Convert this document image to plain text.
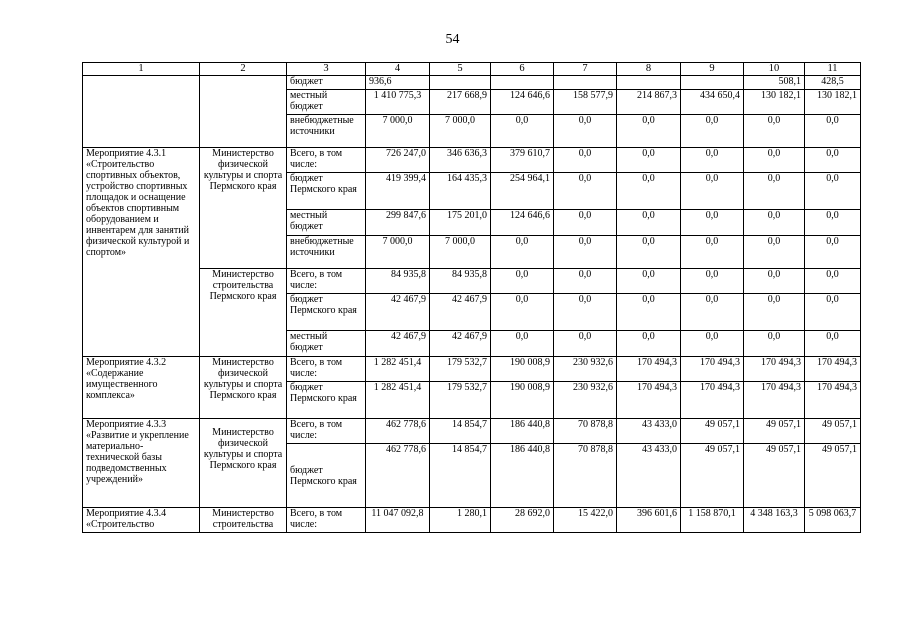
54
1	2	3	4	5	6	7	8	9	10	11
		бюджет	936,6						508,1	428,5
		местный бюджет	1 410 775,3	217 668,9	124 646,6	158 577,9	214 867,3	434 650,4	130 182,1	130 182,1
		внебюджетные источники	7 000,0	7 000,0	0,0	0,0	0,0	0,0	0,0	0,0
Мероприятие 4.3.1 «Строительство спортивных объектов, устройство спортивных площадок и оснащение объектов спортивным оборудованием и инвентарем для занятий физической культурой и спортом»	Министерство физической культуры и спорта Пермского края	Всего, в том числе:	726 247,0	346 636,3	379 610,7	0,0	0,0	0,0	0,0	0,0
		бюджет Пермского края	419 399,4	164 435,3	254 964,1	0,0	0,0	0,0	0,0	0,0
		местный бюджет	299 847,6	175 201,0	124 646,6	0,0	0,0	0,0	0,0	0,0
		внебюджетные источники	7 000,0	7 000,0	0,0	0,0	0,0	0,0	0,0	0,0
	Министерство строительства Пермского края	Всего, в том числе:	84 935,8	84 935,8	0,0	0,0	0,0	0,0	0,0	0,0
		бюджет Пермского края	42 467,9	42 467,9	0,0	0,0	0,0	0,0	0,0	0,0
		местный бюджет	42 467,9	42 467,9	0,0	0,0	0,0	0,0	0,0	0,0
Мероприятие 4.3.2 «Содержание имущественного комплекса»	Министерство физической культуры и спорта Пермского края	Всего, в том числе:	1 282 451,4	179 532,7	190 008,9	230 932,6	170 494,3	170 494,3	170 494,3	170 494,3
		бюджет Пермского края	1 282 451,4	179 532,7	190 008,9	230 932,6	170 494,3	170 494,3	170 494,3	170 494,3
Мероприятие 4.3.3 «Развитие и укрепление материально-технической базы подведомственных учреждений»	Министерство физической культуры и спорта Пермского края	Всего, в том числе:	462 778,6	14 854,7	186 440,8	70 878,8	43 433,0	49 057,1	49 057,1	49 057,1
		бюджет Пермского края	462 778,6	14 854,7	186 440,8	70 878,8	43 433,0	49 057,1	49 057,1	49 057,1
Мероприятие 4.3.4 «Строительство	Министерство строительства	Всего, в том числе:	11 047 092,8	1 280,1	28 692,0	15 422,0	396 601,6	1 158 870,1	4 348 163,3	5 098 063,7
